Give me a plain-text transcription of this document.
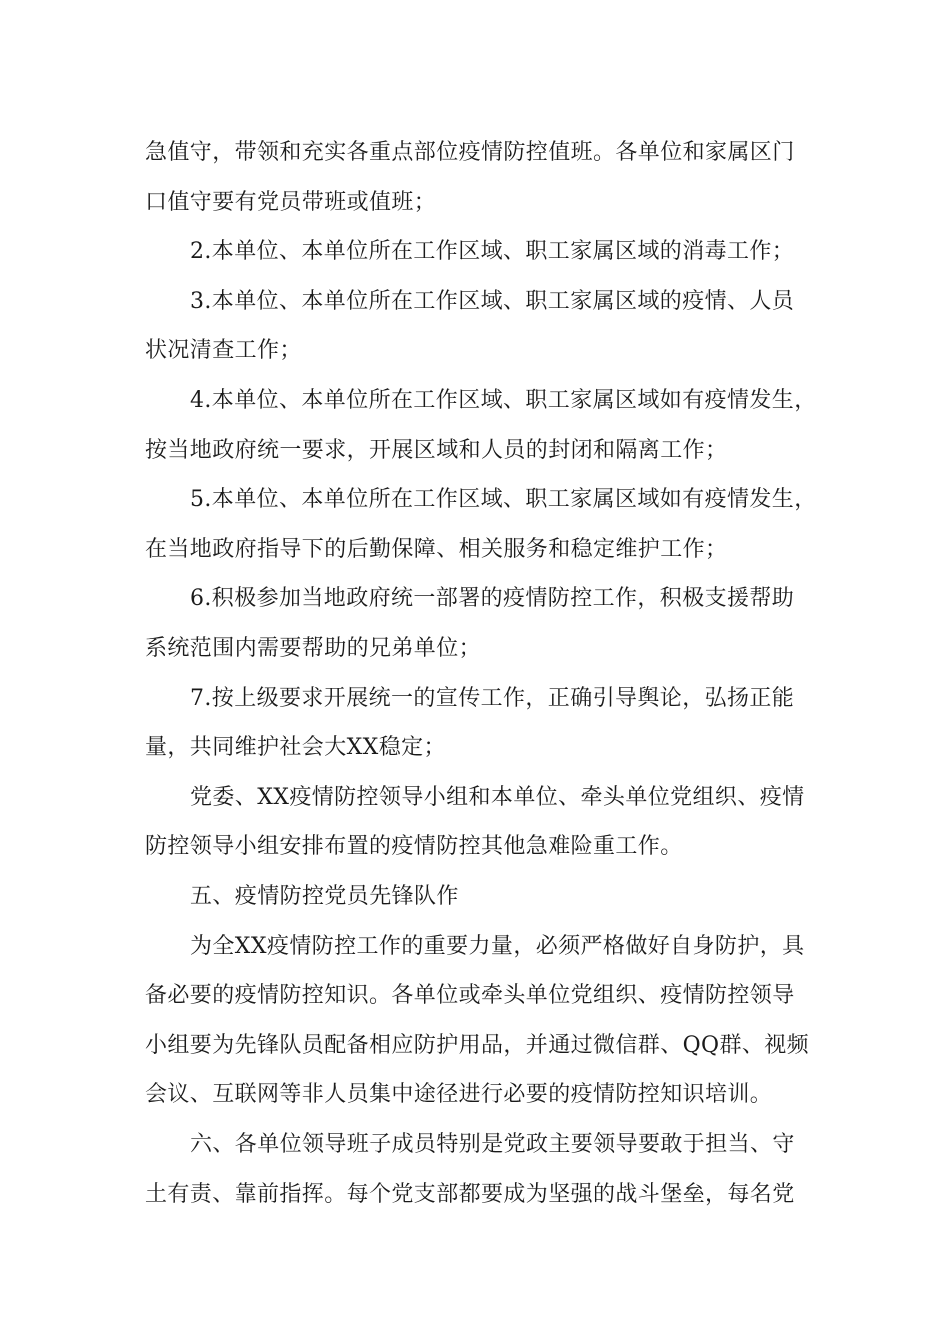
急值守，带领和充实各重点部位疫情防控值班。各单位和家属区门
口值守要有党员带班或值班；
2.本单位、本单位所在工作区域、职工家属区域的消毒工作；
3.本单位、本单位所在工作区域、职工家属区域的疫情、人员
状况清查工作；
4.本单位、本单位所在工作区域、职工家属区域如有疫情发生，
按当地政府统一要求，开展区域和人员的封闭和隔离工作；
5.本单位、本单位所在工作区域、职工家属区域如有疫情发生，
在当地政府指导下的后勤保障、相关服务和稳定维护工作；
6.积极参加当地政府统一部署的疫情防控工作，积极支援帮助
系统范围内需要帮助的兄弟单位；
7.按上级要求开展统一的宣传工作，正确引导舆论，弘扬正能
量，共同维护社会大XX稳定；
党委、XX疫情防控领导小组和本单位、牵头单位党组织、疫情
防控领导小组安排布置的疫情防控其他急难险重工作。
五、疫情防控党员先锋队作
为全XX疫情防控工作的重要力量，必须严格做好自身防护，具
备必要的疫情防控知识。各单位或牵头单位党组织、疫情防控领导
小组要为先锋队员配备相应防护用品，并通过微信群、QQ群、视频
会议、互联网等非人员集中途径进行必要的疫情防控知识培训。
六、各单位领导班子成员特别是党政主要领导要敢于担当、守
土有责、靠前指挥。每个党支部都要成为坚强的战斗堡垒，每名党
